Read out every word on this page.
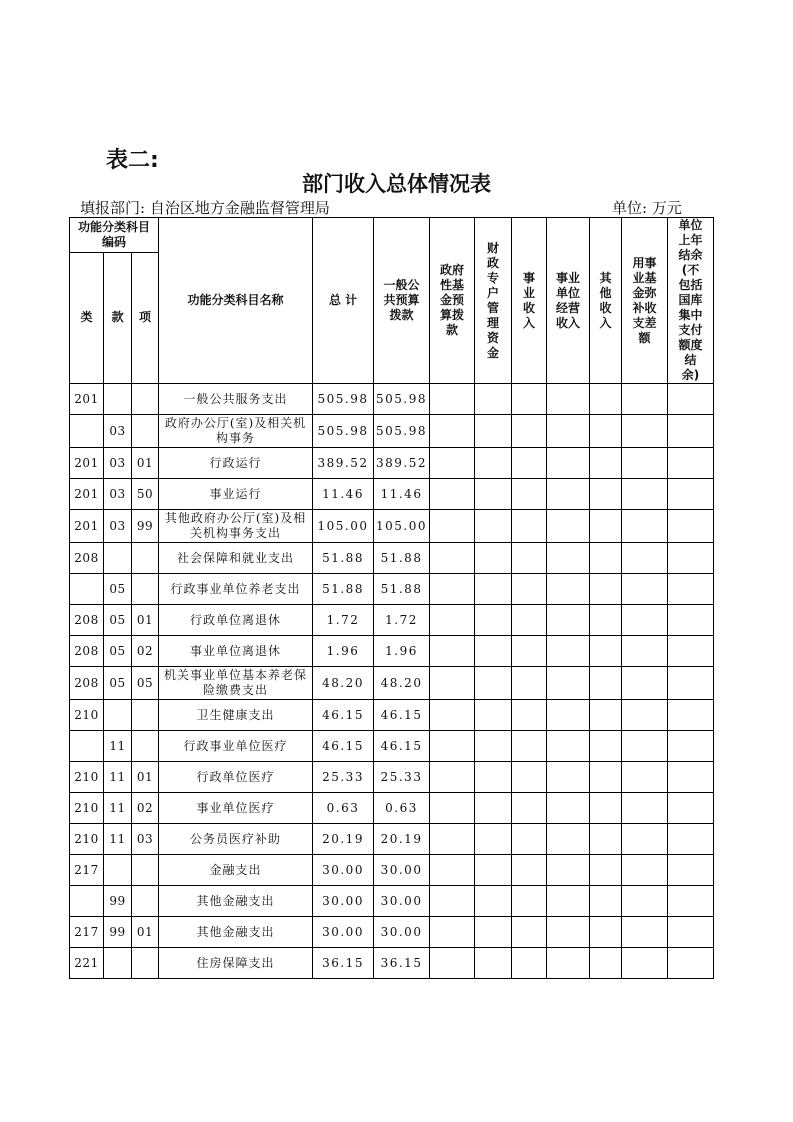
表二:
部门收入总体情况表
填报部门: 自治区地方金融监督管理局	单位: 万元
功能分类科目编码			功能分类科目名称	总 计	一般公共预算拨款	政府性基金预算拨款	财政专户管理资金	事业收入	事业单位经营收入	其他收入	用事业基金弥补收支差额	单位上年结余(不包括国库集中支付额度结余)
类	款	项										
201			一般公共服务支出	505.98	505.98							
	03		政府办公厅(室)及相关机构事务	505.98	505.98							
201	03	01	行政运行	389.52	389.52							
201	03	50	事业运行	11.46	11.46							
201	03	99	其他政府办公厅(室)及相关机构事务支出	105.00	105.00							
208			社会保障和就业支出	51.88	51.88							
	05		行政事业单位养老支出	51.88	51.88							
208	05	01	行政单位离退休	1.72	1.72							
208	05	02	事业单位离退休	1.96	1.96							
208	05	05	机关事业单位基本养老保险缴费支出	48.20	48.20							
210			卫生健康支出	46.15	46.15							
	11		行政事业单位医疗	46.15	46.15							
210	11	01	行政单位医疗	25.33	25.33							
210	11	02	事业单位医疗	0.63	0.63							
210	11	03	公务员医疗补助	20.19	20.19							
217			金融支出	30.00	30.00							
	99		其他金融支出	30.00	30.00							
217	99	01	其他金融支出	30.00	30.00							
221			住房保障支出	36.15	36.15							
